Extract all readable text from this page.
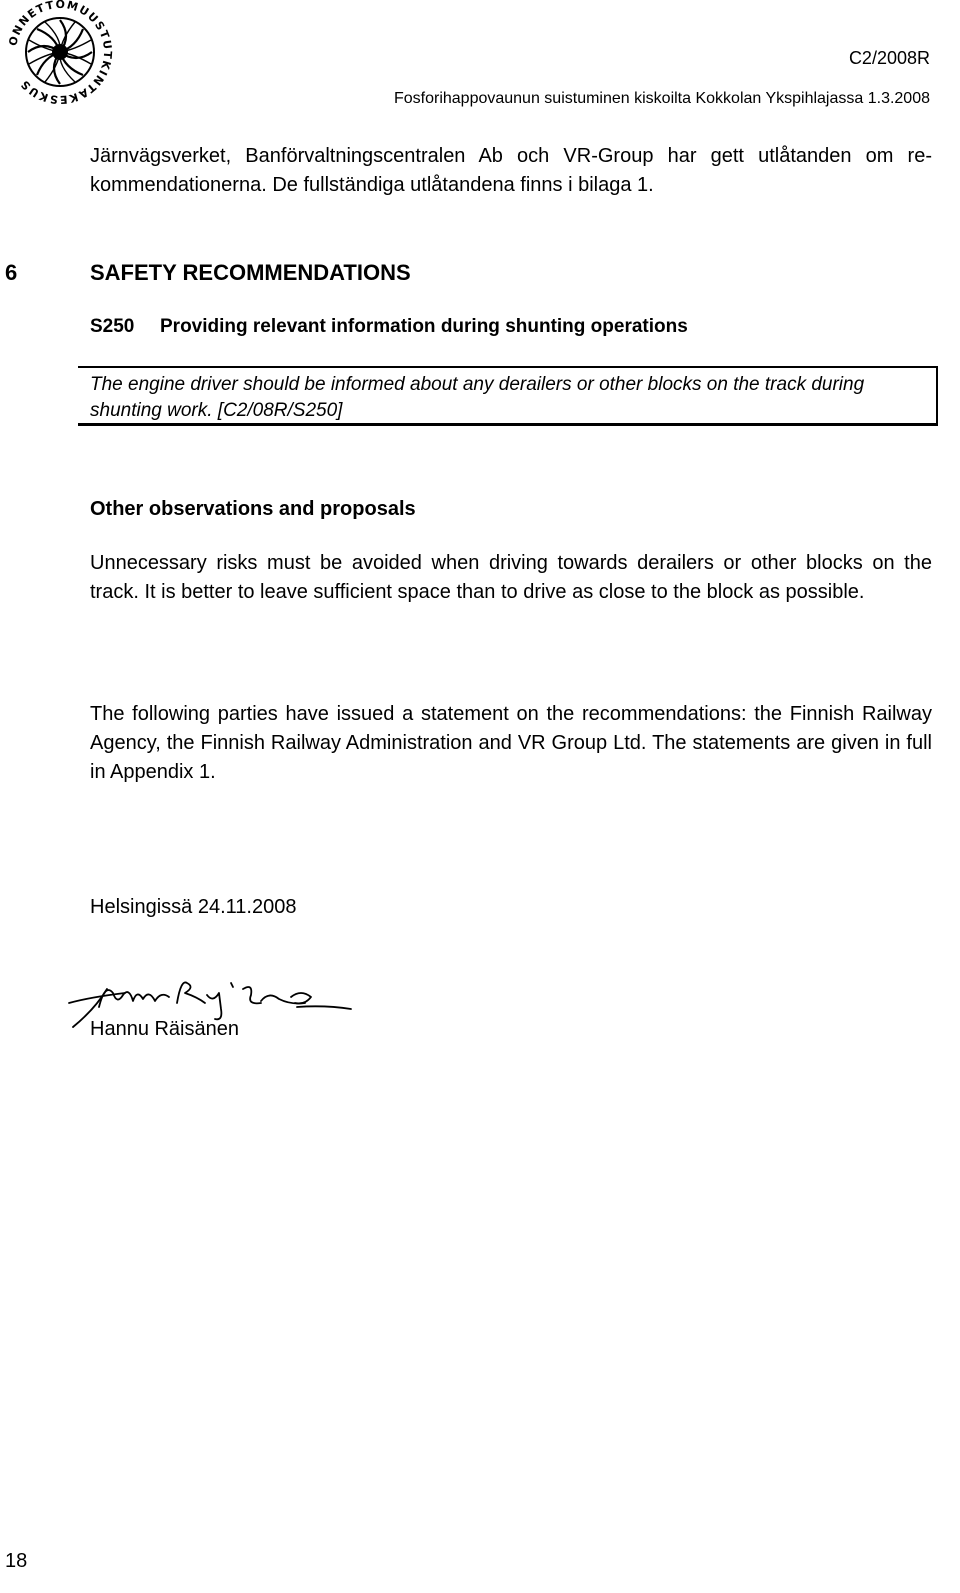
ONNETTOMUUSTUTKINTAKESKUS
C2/2008R
Fosforihappovaunun suistuminen kiskoilta Kokkolan Ykspihlajassa 1.3.2008
Järnvägsverket, Banförvaltningscentralen Ab och VR-Group har gett utlåtanden om re-kommendationerna. De fullständiga utlåtandena finns i bilaga 1.
6	SAFETY RECOMMENDATIONS
S250 Providing relevant information during shunting operations
The engine driver should be informed about any derailers or other blocks on the track during shunting work. [C2/08R/S250]
Other observations and proposals
Unnecessary risks must be avoided when driving towards derailers or other blocks on the track. It is better to leave sufficient space than to drive as close to the block as possible.
The following parties have issued a statement on the recommendations: the Finnish Railway Agency, the Finnish Railway Administration and VR Group Ltd. The statements are given in full in Appendix 1.
Helsingissä 24.11.2008
Hannu Räisänen
18
